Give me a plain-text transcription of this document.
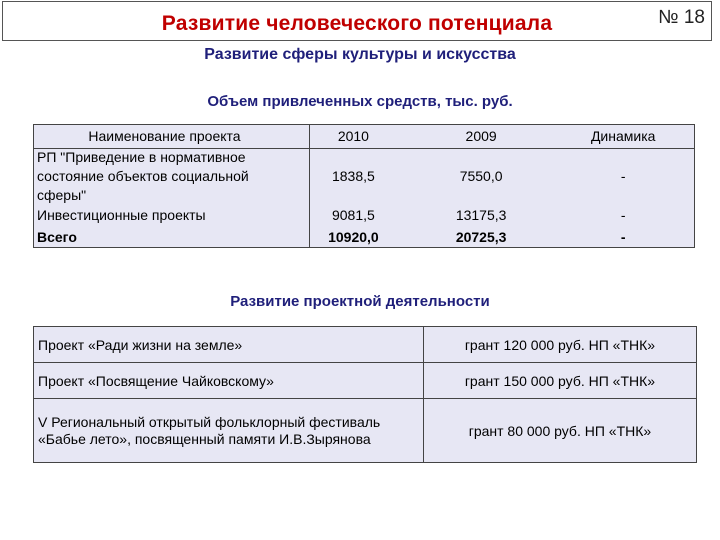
Развитие человеческого потенциала	№ 18
Развитие сферы культуры и искусства
Объем привлеченных средств, тыс. руб.
Наименование проекта	2010	2009	Динамика
РП "Приведение в нормативное состояние объектов социальной сферы"	1838,5	7550,0	-
Инвестиционные проекты	9081,5	13175,3	-
Всего	10920,0	20725,3	-
Развитие проектной деятельности
Проект «Ради жизни на земле»	грант 120 000 руб. НП «ТНК»
Проект «Посвящение Чайковскому»	грант 150 000 руб. НП «ТНК»
V Региональный открытый фольклорный фестиваль «Бабье лето», посвященный памяти И.В.Зырянова	грант 80 000 руб. НП «ТНК»
